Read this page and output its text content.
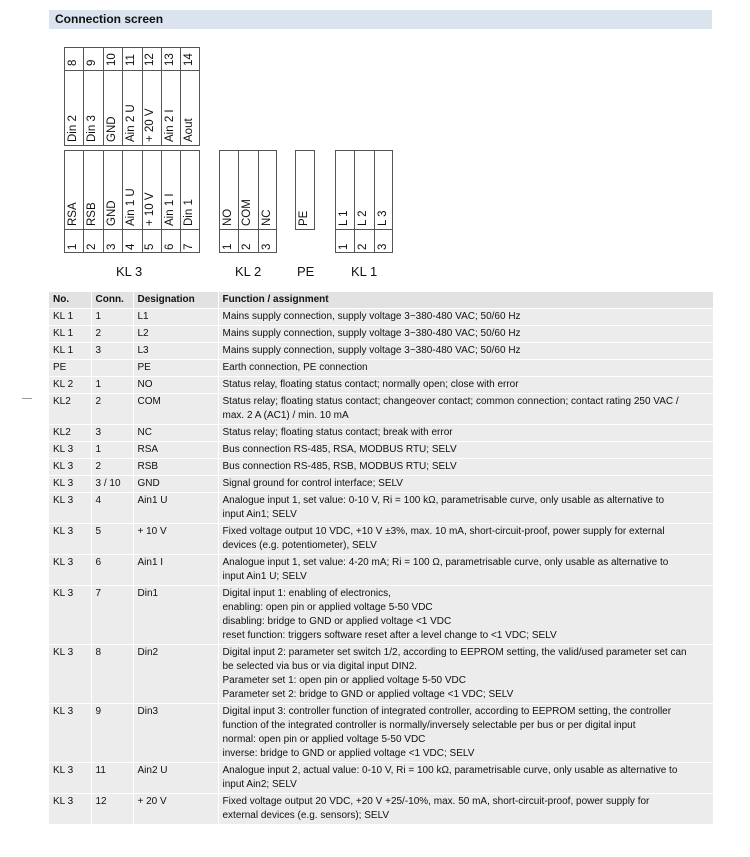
Connection screen
8
Din 2
9
Din 3
10
GND
11
Ain 2 U
12
+ 20 V
13
Ain 2 I
14
Aout
RSA
1
RSB
2
GND
3
Ain 1 U
4
+ 10 V
5
Ain 1 I
6
Din 1
7
NO
1
COM
2
NC
3
PE L 1
1
L 2
2
L 3
3
KL 3	KL 2	PE	KL 1
No.	Conn.	Designation	Function / assignment
KL 1	1	L1	Mains supply connection, supply voltage 3~380-480 VAC; 50/60 Hz

KL 1	2	L2	Mains supply connection, supply voltage 3~380-480 VAC; 50/60 Hz

KL 1	3	L3	Mains supply connection, supply voltage 3~380-480 VAC; 50/60 Hz

PE		PE	Earth connection, PE connection

KL 2	1	NO	Status relay, floating status contact; normally open; close with error

KL2	2	COM	Status relay; floating status contact; changeover contact; common connection; contact rating 250 VAC /
max. 2 A (AC1) / min. 10 mA

KL2	3	NC	Status relay; floating status contact; break with error

KL 3	1	RSA	Bus connection RS-485, RSA, MODBUS RTU; SELV

KL 3	2	RSB	Bus connection RS-485, RSB, MODBUS RTU; SELV

KL 3	3 / 10	GND	Signal ground for control interface; SELV

KL 3	4	Ain1 U	Analogue input 1, set value: 0-10 V, Ri = 100 kΩ, parametrisable curve, only usable as alternative to
input Ain1; SELV

KL 3	5	+ 10 V	Fixed voltage output 10 VDC, +10 V ±3%, max. 10 mA, short-circuit-proof, power supply for external
devices (e.g. potentiometer), SELV

KL 3	6	Ain1 I	Analogue input 1, set value: 4-20 mA; Ri = 100 Ω, parametrisable curve, only usable as alternative to
input Ain1 U; SELV

KL 3	7	Din1	Digital input 1: enabling of electronics,
enabling: open pin or applied voltage 5-50 VDC
disabling: bridge to GND or applied voltage <1 VDC
reset function: triggers software reset after a level change to <1 VDC; SELV

KL 3	8	Din2	Digital input 2: parameter set switch 1/2, according to EEPROM setting, the valid/used parameter set can
be selected via bus or via digital input DIN2.
Parameter set 1: open pin or applied voltage 5-50 VDC
Parameter set 2: bridge to GND or applied voltage <1 VDC; SELV

KL 3	9	Din3	Digital input 3: controller function of integrated controller, according to EEPROM setting, the controller
function of the integrated controller is normally/inversely selectable per bus or per digital input
normal: open pin or applied voltage 5-50 VDC
inverse: bridge to GND or applied voltage <1 VDC; SELV

KL 3	11	Ain2 U	Analogue input 2, actual value: 0-10 V, Ri = 100 kΩ, parametrisable curve, only usable as alternative to
input Ain2; SELV

KL 3	12	+ 20 V	Fixed voltage output 20 VDC, +20 V +25/-10%, max. 50 mA, short-circuit-proof, power supply for
external devices (e.g. sensors); SELV
